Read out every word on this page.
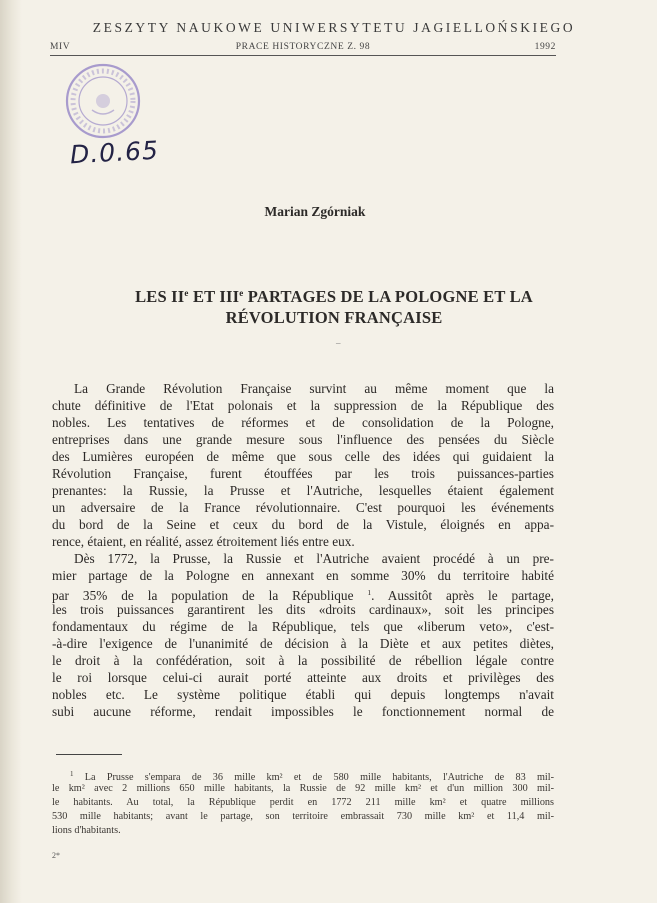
ZESZYTY NAUKOWE UNIWERSYTETU JAGIELLOŃSKIEGO
MIV	PRACE HISTORYCZNE Z. 98	1992
D.0.65
Marian Zgórniak
LES IIe ET IIIe PARTAGES DE LA POLOGNE ET LA
RÉVOLUTION FRANÇAISE
–
La Grande Révolution Française survint au même moment que la
chute définitive de l'Etat polonais et la suppression de la République des
nobles. Les tentatives de réformes et de consolidation de la Pologne,
entreprises dans une grande mesure sous l'influence des pensées du Siècle
des Lumières européen de même que sous celle des idées qui guidaient la
Révolution Française, furent étouffées par les trois puissances-parties
prenantes: la Russie, la Prusse et l'Autriche, lesquelles étaient également
un adversaire de la France révolutionnaire. C'est pourquoi les événements
du bord de la Seine et ceux du bord de la Vistule, éloignés en appa-
rence, étaient, en réalité, assez étroitement liés entre eux.
Dès 1772, la Prusse, la Russie et l'Autriche avaient procédé à un pre-
mier partage de la Pologne en annexant en somme 30% du territoire habité
par 35% de la population de la République $^1$. Aussitôt après le partage,
les trois puissances garantirent les dits «droits cardinaux», soit les principes
fondamentaux du régime de la République, tels que «liberum veto», c'est-
-à-dire l'exigence de l'unanimité de décision à la Diète et aux petites diètes,
le droit à la confédération, soit à la possibilité de rébellion légale contre
le roi lorsque celui-ci aurait porté atteinte aux droits et privilèges des
nobles etc. Le système politique établi qui depuis longtemps n'avait
subi aucune réforme, rendait impossibles le fonctionnement normal de
$^1$ La Prusse s'empara de 36 mille km² et de 580 mille habitants, l'Autriche de 83 mil-
le km² avec 2 millions 650 mille habitants, la Russie de 92 mille km² et d'un million 300 mil-
le habitants. Au total, la République perdit en 1772 211 mille km² et quatre millions
530 mille habitants; avant le partage, son territoire embrassait 730 mille km² et 11,4 mil-
lions d'habitants.
2*
